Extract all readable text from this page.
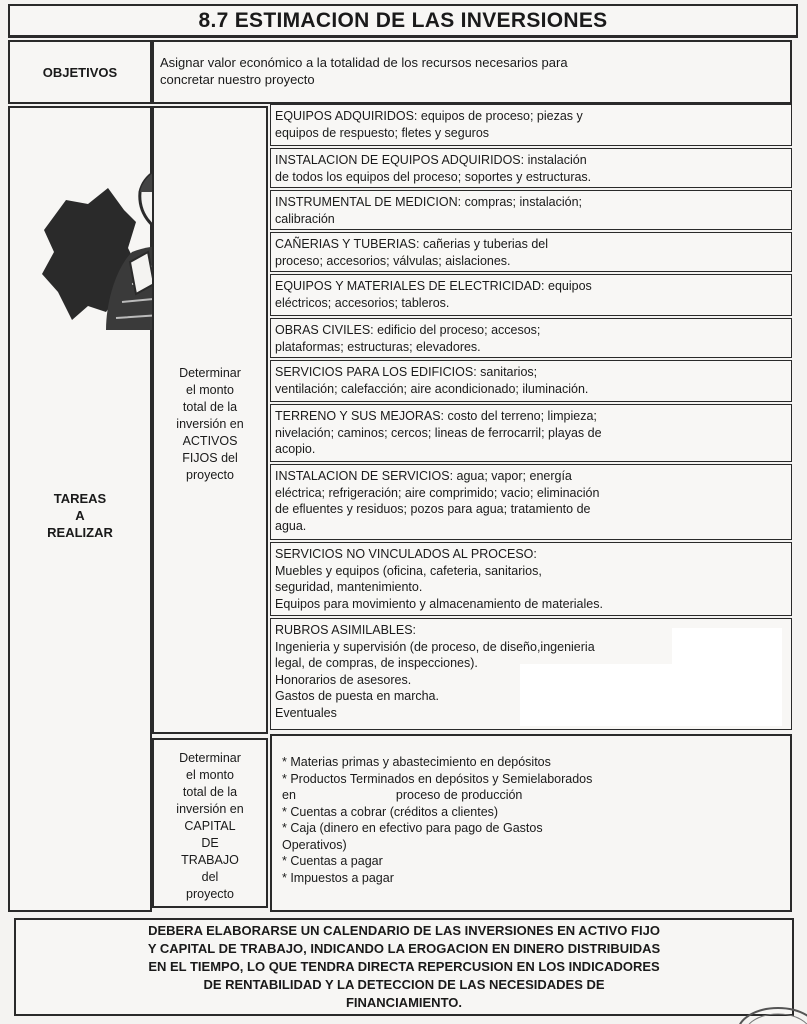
8.7 ESTIMACION DE LAS INVERSIONES
OBJETIVOS
Asignar valor económico a la totalidad de los recursos necesarios para
concretar nuestro proyecto
TAREAS
A
REALIZAR
Determinar
el monto
total de la
inversión en
ACTIVOS
FIJOS del
proyecto
EQUIPOS ADQUIRIDOS: equipos de proceso; piezas y
equipos de respuesto; fletes y seguros
INSTALACION DE EQUIPOS ADQUIRIDOS: instalación
de todos los equipos del proceso; soportes y estructuras.
INSTRUMENTAL DE MEDICION: compras; instalación;
calibración
CAÑERIAS Y TUBERIAS: cañerias y tuberias del
proceso; accesorios; válvulas; aislaciones.
EQUIPOS Y MATERIALES DE ELECTRICIDAD: equipos
eléctricos; accesorios; tableros.
OBRAS CIVILES: edificio del proceso; accesos;
plataformas; estructuras; elevadores.
SERVICIOS PARA LOS EDIFICIOS: sanitarios;
ventilación; calefacción; aire acondicionado; iluminación.
TERRENO Y SUS MEJORAS: costo del terreno; limpieza;
nivelación; caminos; cercos; lineas de ferrocarril; playas de
acopio.
INSTALACION DE SERVICIOS: agua; vapor; energía
eléctrica; refrigeración; aire comprimido; vacio; eliminación
de efluentes y residuos; pozos para agua; tratamiento de
agua.
SERVICIOS NO VINCULADOS AL PROCESO:
Muebles y equipos (oficina, cafeteria, sanitarios,
seguridad, mantenimiento.
Equipos para movimiento y almacenamiento de materiales.
RUBROS ASIMILABLES:
Ingenieria y supervisión (de proceso, de diseño,ingenieria
legal, de compras, de inspecciones).
Honorarios de asesores.
Gastos de puesta en marcha.
Eventuales
Determinar
el monto
total de la
inversión en
CAPITAL
DE
TRABAJO
del
proyecto
* Materias primas y abastecimiento en depósitos
* Productos Terminados en depósitos y Semielaborados
en	proceso de producción
* Cuentas a cobrar (créditos a clientes)
* Caja (dinero en efectivo para pago de Gastos
Operativos)
* Cuentas a pagar
* Impuestos a pagar
DEBERA ELABORARSE UN CALENDARIO DE LAS INVERSIONES EN ACTIVO FIJO
Y CAPITAL DE TRABAJO, INDICANDO LA EROGACION EN DINERO DISTRIBUIDAS
EN EL TIEMPO, LO QUE TENDRA DIRECTA REPERCUSION EN LOS INDICADORES
DE RENTABILIDAD Y LA DETECCION DE LAS NECESIDADES DE
FINANCIAMIENTO.
